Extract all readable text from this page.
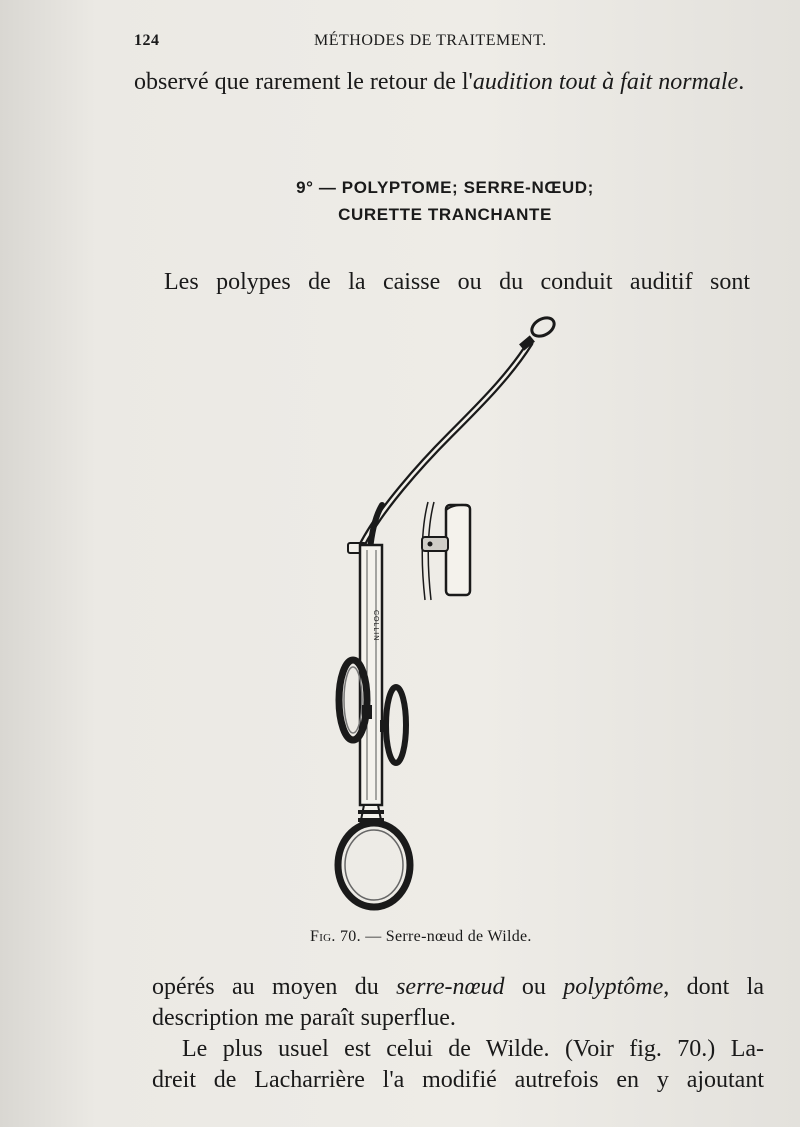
124	MÉTHODES DE TRAITEMENT.
observé que rarement le retour de l'audition tout à fait normale.
9° — POLYPTOME; SERRE-NŒUD;
CURETTE TRANCHANTE
Les polypes de la caisse ou du conduit auditif sont
COLLIN
Fig. 70. — Serre-nœud de Wilde.
opérés au moyen du serre-nœud ou polyptôme, dont la
description me paraît superflue.
Le plus usuel est celui de Wilde. (Voir fig. 70.) La-
dreit de Lacharrière l'a modifié autrefois en y ajoutant
